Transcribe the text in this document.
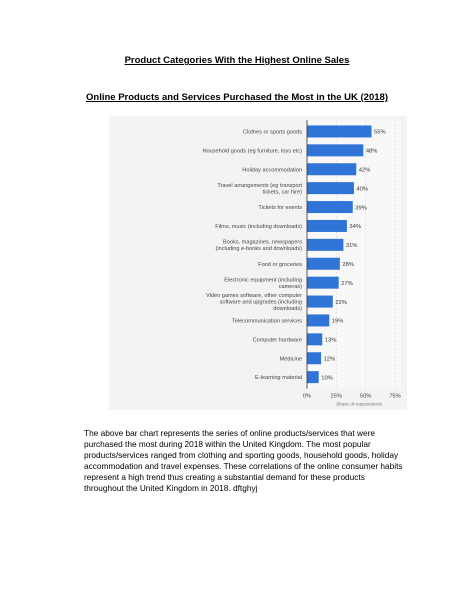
Product Categories With the Highest Online Sales
Online Products and Services Purchased the Most in the UK (2018)
55%
Clothes or sports goods
48%
Household goods (eg furniture, toys etc)
42%
Holiday accommodation
40%
Travel arrangements (eg transport
tickets, car hire)
39%
Tickets for events
34%
Films, music (including downloads)
31%
Books, magazines, newspapers
(including e-books and downloads)
28%
Food or groceries
27%
Electronic equipment (including
cameras)
22%
Video games software, other computer
software and upgrades (including
downloads)
19%
Telecommunication services
13%
Computer hardware
12%
Medicine
10%
E-learning material
0%	25%	50%	75%
Share of respondents
The above bar chart represents the series of online products/services that were purchased the most during 2018 within the United Kingdom. The most popular products/services ranged from clothing and sporting goods, household goods, holiday accommodation and travel expenses. These correlations of the online consumer habits represent a high trend thus creating a substantial demand for these products throughout the United Kingdom in 2018. dftghyj
